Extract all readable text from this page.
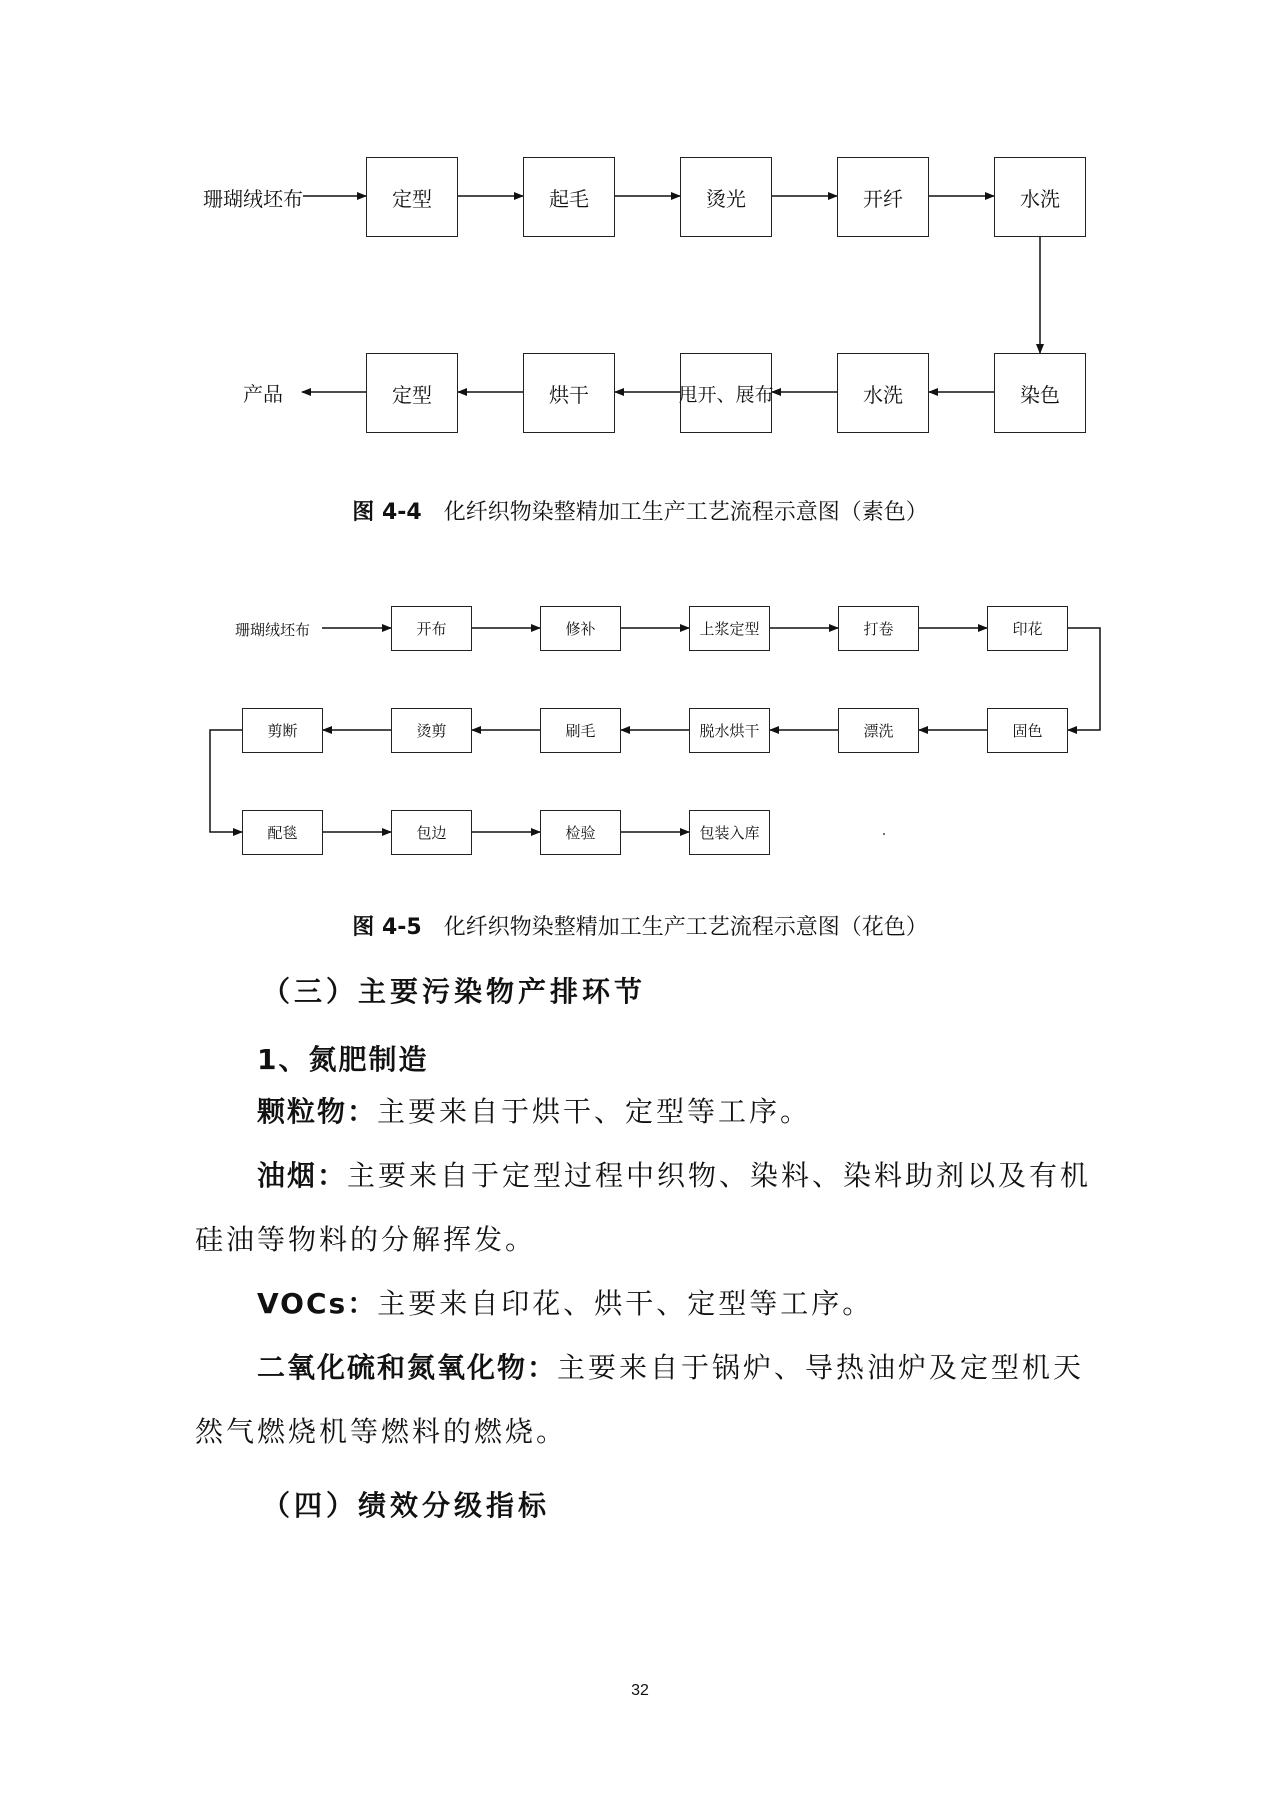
珊瑚绒坯布	定型	起毛	烫光	开纤	水洗
染色
水洗
甩开、展布
烘干
定型
产品
图 4-4 化纤织物染整精加工生产工艺流程示意图（素色）
珊瑚绒坯布	开布	修补	上浆定型	打卷	印花
固色
漂洗
脱水烘干
刷毛
烫剪
剪断
配毯	包边	检验	包装入库
图 4-5 化纤织物染整精加工生产工艺流程示意图（花色）
（三）主要污染物产排环节
1、氮肥制造
颗粒物：主要来自于烘干、定型等工序。
油烟：主要来自于定型过程中织物、染料、染料助剂以及有机硅油等物料的分解挥发。
VOCs：主要来自印花、烘干、定型等工序。
二氧化硫和氮氧化物：主要来自于锅炉、导热油炉及定型机天然气燃烧机等燃料的燃烧。
（四）绩效分级指标
32
